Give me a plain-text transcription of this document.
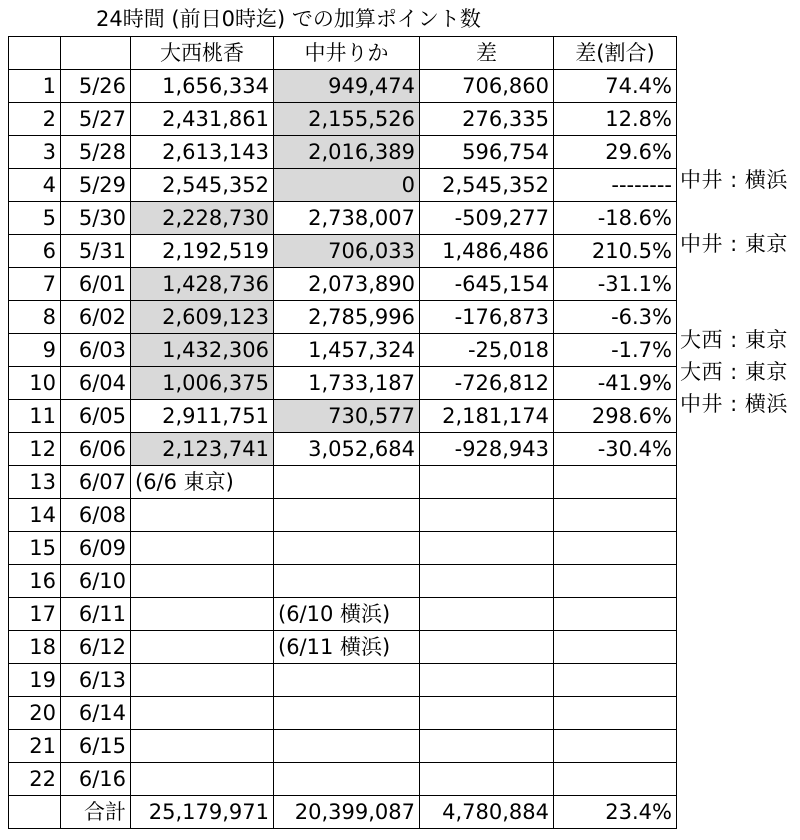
24時間 (前日0時迄) での加算ポイント数
		大西桃香	中井りか	差	差(割合)
1	5/26	1,656,334	949,474	706,860	74.4%
2	5/27	2,431,861	2,155,526	276,335	12.8%
3	5/28	2,613,143	2,016,389	596,754	29.6%
4	5/29	2,545,352	0	2,545,352	--------
5	5/30	2,228,730	2,738,007	-509,277	-18.6%
6	5/31	2,192,519	706,033	1,486,486	210.5%
7	6/01	1,428,736	2,073,890	-645,154	-31.1%
8	6/02	2,609,123	2,785,996	-176,873	-6.3%
9	6/03	1,432,306	1,457,324	-25,018	-1.7%
10	6/04	1,006,375	1,733,187	-726,812	-41.9%
11	6/05	2,911,751	730,577	2,181,174	298.6%
12	6/06	2,123,741	3,052,684	-928,943	-30.4%
13	6/07	(6/6 東京)			
14	6/08				
15	6/09				
16	6/10				
17	6/11		(6/10 横浜)		
18	6/12		(6/11 横浜)		
19	6/13				
20	6/14				
21	6/15				
22	6/16				
	合計	25,179,971	20,399,087	4,780,884	23.4%
中井 : 横浜
中井 : 東京
大西 : 東京
大西 : 東京
中井 : 横浜
